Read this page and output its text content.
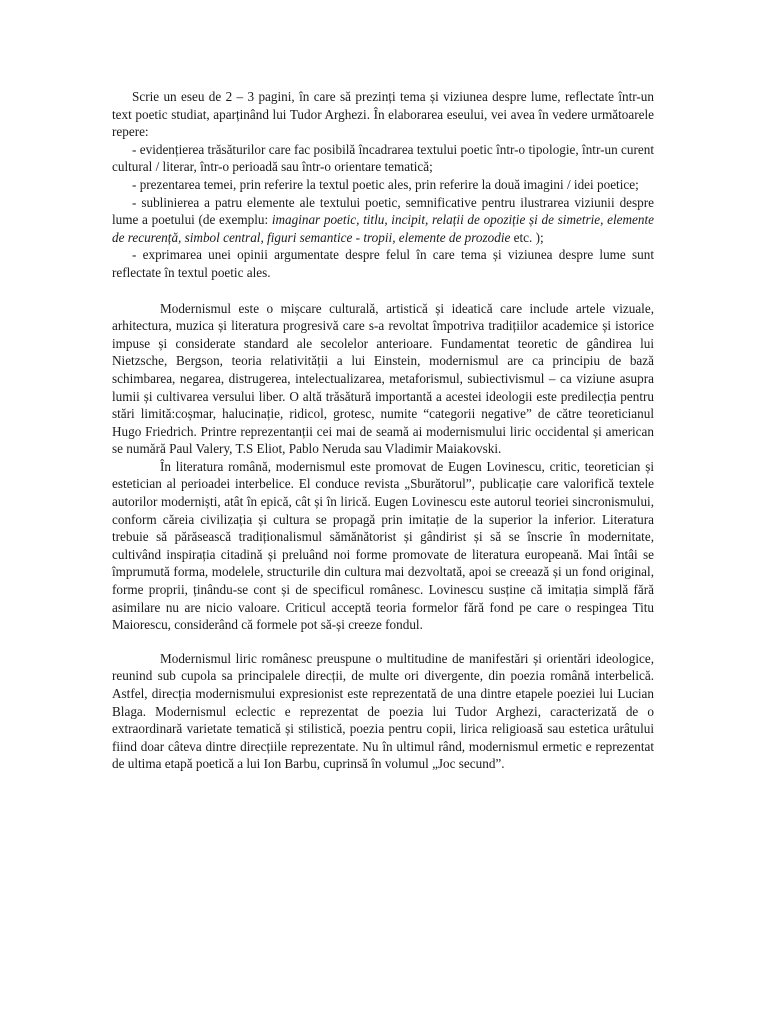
Scrie un eseu de 2 – 3 pagini, în care să prezinți tema și viziunea despre lume, reflectate într-un text poetic studiat, aparținând lui Tudor Arghezi. În elaborarea eseului, vei avea în vedere următoarele repere:

- evidențierea trăsăturilor care fac posibilă încadrarea textului poetic într-o tipologie, într-un curent cultural / literar, într-o perioadă sau într-o orientare tematică;

- prezentarea temei, prin referire la textul poetic ales, prin referire la două imagini / idei poetice;

- sublinierea a patru elemente ale textului poetic, semnificative pentru ilustrarea viziunii despre lume a poetului (de exemplu: imaginar poetic, titlu, incipit, relații de opoziție și de simetrie, elemente de recurență, simbol central, figuri semantice - tropii, elemente de prozodie etc. );

- exprimarea unei opinii argumentate despre felul în care tema și viziunea despre lume sunt reflectate în textul poetic ales.

Modernismul este o mișcare culturală, artistică și ideatică care include artele vizuale, arhitectura, muzica și literatura progresivă care s-a revoltat împotriva tradițiilor academice și istorice impuse și considerate standard ale secolelor anterioare. Fundamentat teoretic de gândirea lui Nietzsche, Bergson, teoria relativității a lui Einstein, modernismul are ca principiu de bază schimbarea, negarea, distrugerea, intelectualizarea, metaforismul, subiectivismul – ca viziune asupra lumii și cultivarea versului liber. O altă trăsătură importantă a acestei ideologii este predilecția pentru stări limită:coșmar, halucinație, ridicol, grotesc, numite “categorii negative” de către teoreticianul Hugo Friedrich. Printre reprezentanții cei mai de seamă ai modernismului liric occidental și american se numără Paul Valery, T.S Eliot, Pablo Neruda sau Vladimir Maiakovski.

În literatura română, modernismul este promovat de Eugen Lovinescu, critic, teoretician și estetician al perioadei interbelice. El conduce revista „Sburătorul”, publicație care valorifică textele autorilor moderniști, atât în epică, cât și în lirică. Eugen Lovinescu este autorul teoriei sincronismului, conform căreia civilizația și cultura se propagă prin imitație de la superior la inferior. Literatura trebuie să părăsească tradiționalismul sămănătorist și gândirist și să se înscrie în modernitate, cultivând inspirația citadină și preluând noi forme promovate de literatura europeană. Mai întâi se împrumută forma, modelele, structurile din cultura mai dezvoltată, apoi se creează și un fond original, forme proprii, ținându-se cont și de specificul românesc. Lovinescu susține că imitația simplă fără asimilare nu are nicio valoare. Criticul acceptă teoria formelor fără fond pe care o respingea Titu Maiorescu, considerând că formele pot să-și creeze fondul.

Modernismul liric românesc preuspune o multitudine de manifestări și orientări ideologice, reunind sub cupola sa principalele direcții, de multe ori divergente, din poezia română interbelică. Astfel, direcția modernismului expresionist este reprezentată de una dintre etapele poeziei lui Lucian Blaga. Modernismul eclectic e reprezentat de poezia lui Tudor Arghezi, caracterizată de o extraordinară varietate tematică și stilistică, poezia pentru copii, lirica religioasă sau estetica urâtului fiind doar câteva dintre direcțiile reprezentate. Nu în ultimul rând, modernismul ermetic e reprezentat de ultima etapă poetică a lui Ion Barbu, cuprinsă în volumul „Joc secund”.
